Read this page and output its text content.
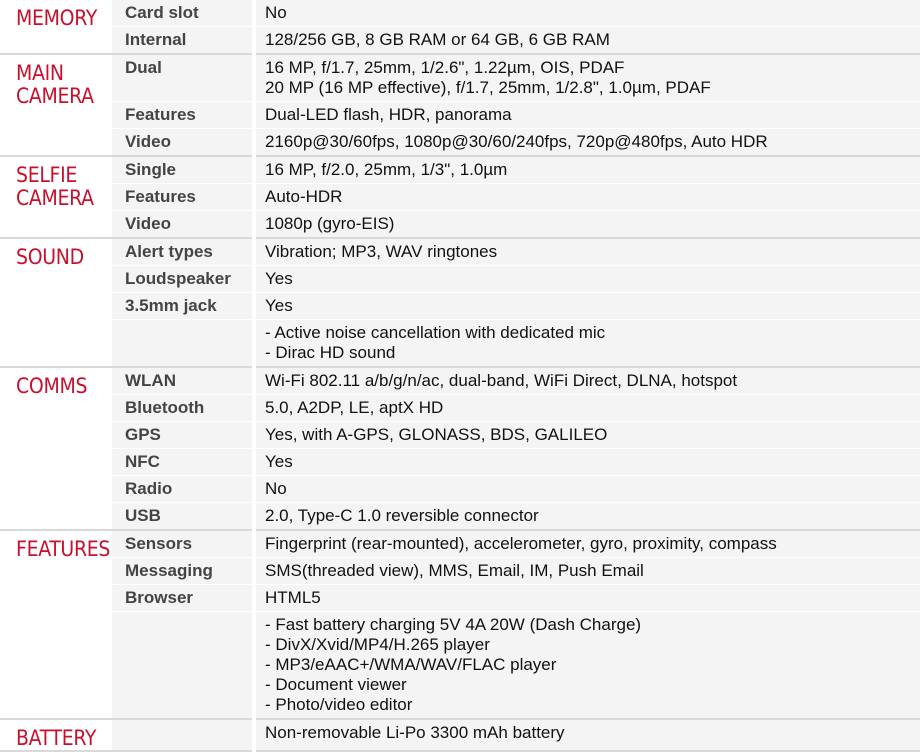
MEMORY	Card slot	No

	Internal	128/256 GB, 8 GB RAM or 64 GB, 6 GB RAM

MAIN CAMERA	Dual	16 MP, f/1.7, 25mm, 1/2.6", 1.22µm, OIS, PDAF
20 MP (16 MP effective), f/1.7, 25mm, 1/2.8", 1.0µm, PDAF

	Features	Dual-LED flash, HDR, panorama

	Video	2160p@30/60fps, 1080p@30/60/240fps, 720p@480fps, Auto HDR

SELFIE CAMERA	Single	16 MP, f/2.0, 25mm, 1/3", 1.0µm

	Features	Auto-HDR

	Video	1080p (gyro-EIS)

SOUND	Alert types	Vibration; MP3, WAV ringtones

	Loudspeaker	Yes

	3.5mm jack	Yes

		- Active noise cancellation with dedicated mic
- Dirac HD sound

COMMS	WLAN	Wi-Fi 802.11 a/b/g/n/ac, dual-band, WiFi Direct, DLNA, hotspot

	Bluetooth	5.0, A2DP, LE, aptX HD

	GPS	Yes, with A-GPS, GLONASS, BDS, GALILEO

	NFC	Yes

	Radio	No

	USB	2.0, Type-C 1.0 reversible connector

FEATURES	Sensors	Fingerprint (rear-mounted), accelerometer, gyro, proximity, compass

	Messaging	SMS(threaded view), MMS, Email, IM, Push Email

	Browser	HTML5

		- Fast battery charging 5V 4A 20W (Dash Charge)
- DivX/Xvid/MP4/H.265 player
- MP3/eAAC+/WMA/WAV/FLAC player
- Document viewer
- Photo/video editor

BATTERY		Non-removable Li-Po 3300 mAh battery
